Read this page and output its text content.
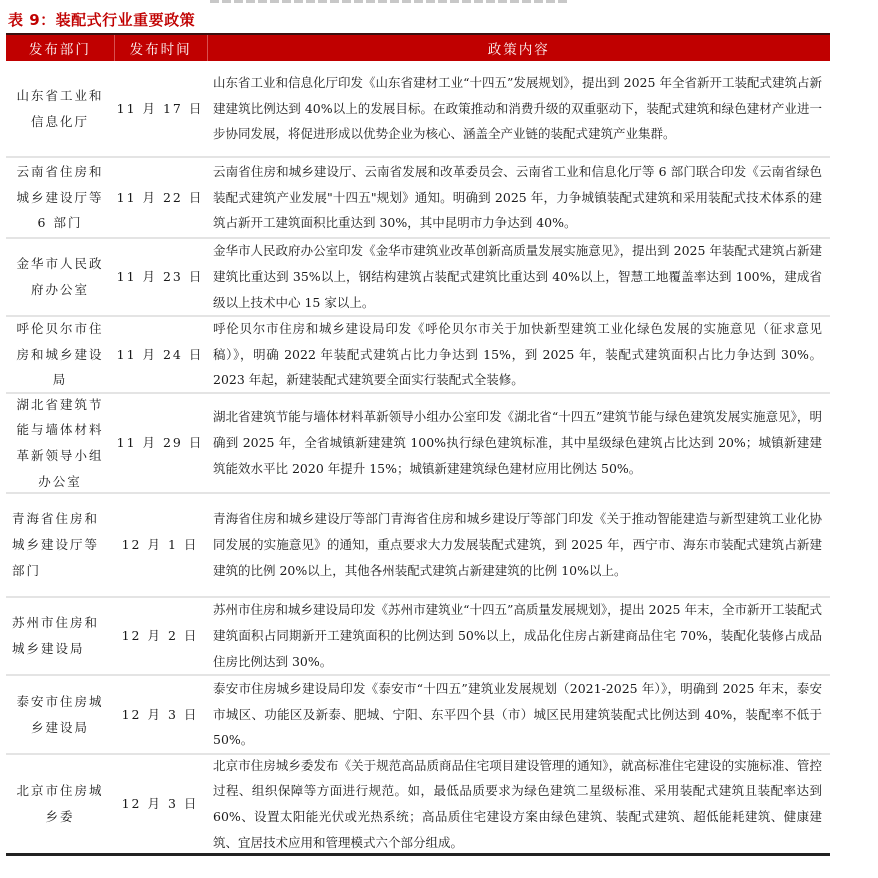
表 9：装配式行业重要政策
发布部门	发布时间	政策内容
山东省工业和信息化厅
11 月 17 日
山东省工业和信息化厅印发《山东省建材工业“十四五”发展规划》，提出到 2025 年全省新开工装配式建筑占新建建筑比例达到 40%以上的发展目标。在政策推动和消费升级的双重驱动下，装配式建筑和绿色建材产业进一步协同发展，将促进形成以优势企业为核心、涵盖全产业链的装配式建筑产业集群。
云南省住房和城乡建设厅等 6 部门
11 月 22 日
云南省住房和城乡建设厅、云南省发展和改革委员会、云南省工业和信息化厅等 6 部门联合印发《云南省绿色装配式建筑产业发展"十四五"规划》通知。明确到 2025 年，力争城镇装配式建筑和采用装配式技术体系的建筑占新开工建筑面积比重达到 30%，其中昆明市力争达到 40%。
金华市人民政府办公室
11 月 23 日
金华市人民政府办公室印发《金华市建筑业改革创新高质量发展实施意见》，提出到 2025 年装配式建筑占新建建筑比重达到 35%以上，钢结构建筑占装配式建筑比重达到 40%以上，智慧工地覆盖率达到 100%，建成省级以上技术中心 15 家以上。
呼伦贝尔市住房和城乡建设局
11 月 24 日
呼伦贝尔市住房和城乡建设局印发《呼伦贝尔市关于加快新型建筑工业化绿色发展的实施意见（征求意见稿）》，明确 2022 年装配式建筑占比力争达到 15%，到 2025 年，装配式建筑面积占比力争达到 30%。2023 年起，新建装配式建筑要全面实行装配式全装修。
湖北省建筑节能与墙体材料革新领导小组办公室
11 月 29 日
湖北省建筑节能与墙体材料革新领导小组办公室印发《湖北省“十四五”建筑节能与绿色建筑发展实施意见》，明确到 2025 年，全省城镇新建建筑 100%执行绿色建筑标准，其中星级绿色建筑占比达到 20%；城镇新建建筑能效水平比 2020 年提升 15%；城镇新建建筑绿色建材应用比例达 50%。
青海省住房和城乡建设厅等部门
12 月 1 日
青海省住房和城乡建设厅等部门青海省住房和城乡建设厅等部门印发《关于推动智能建造与新型建筑工业化协同发展的实施意见》的通知，重点要求大力发展装配式建筑，到 2025 年，西宁市、海东市装配式建筑占新建建筑的比例 20%以上，其他各州装配式建筑占新建建筑的比例 10%以上。
苏州市住房和城乡建设局
12 月 2 日
苏州市住房和城乡建设局印发《苏州市建筑业“十四五”高质量发展规划》，提出 2025 年末，全市新开工装配式建筑面积占同期新开工建筑面积的比例达到 50%以上，成品化住房占新建商品住宅 70%，装配化装修占成品住房比例达到 30%。
泰安市住房城乡建设局
12 月 3 日
泰安市住房城乡建设局印发《泰安市“十四五”建筑业发展规划（2021-2025 年）》，明确到 2025 年末，泰安市城区、功能区及新泰、肥城、宁阳、东平四个县（市）城区民用建筑装配式比例达到 40%，装配率不低于 50%。
北京市住房城乡委
12 月 3 日
北京市住房城乡委发布《关于规范高品质商品住宅项目建设管理的通知》，就高标准住宅建设的实施标准、管控过程、组织保障等方面进行规范。如，最低品质要求为绿色建筑二星级标准、采用装配式建筑且装配率达到 60%、设置太阳能光伏或光热系统；高品质住宅建设方案由绿色建筑、装配式建筑、超低能耗建筑、健康建筑、宜居技术应用和管理模式六个部分组成。
